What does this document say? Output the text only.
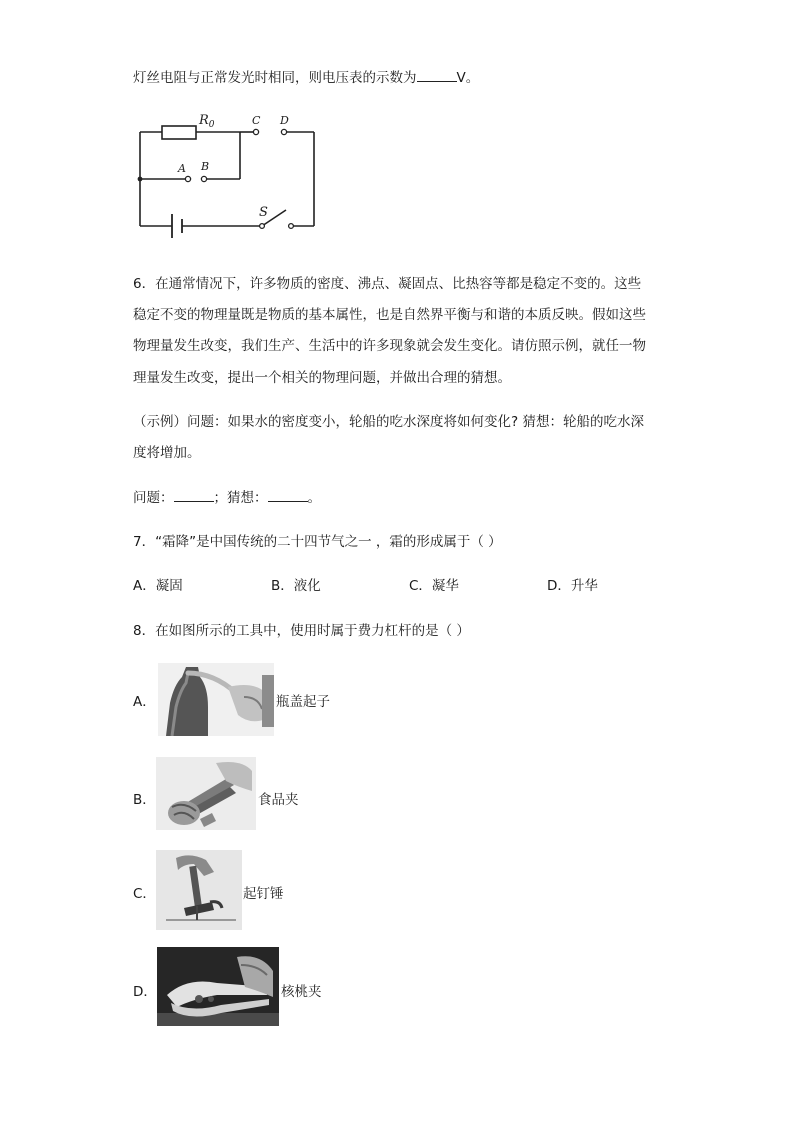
灯丝电阻与正常发光时相同，则电压表的示数为	V。
$R_0$	C D
A B
S
6．在通常情况下，许多物质的密度、沸点、凝固点、比热容等都是稳定不变的。这些
稳定不变的物理量既是物质的基本属性，也是自然界平衡与和谐的本质反映。假如这些
物理量发生改变，我们生产、生活中的许多现象就会发生变化。请仿照示例，就任一物
理量发生改变，提出一个相关的物理问题，并做出合理的猜想。
（示例）问题：如果水的密度变小，轮船的吃水深度将如何变化? 猜想：轮船的吃水深
度将增加。
问题：	；猜想：	。
7．“霜降”是中国传统的二十四节气之一 ，霜的形成属于（ ）
A．凝固	B．液化	C．凝华	D．升华
8．在如图所示的工具中，使用时属于费力杠杆的是（ ）
A．	瓶盖起子
B．	食品夹
C．	起钉锤
D．	核桃夹
